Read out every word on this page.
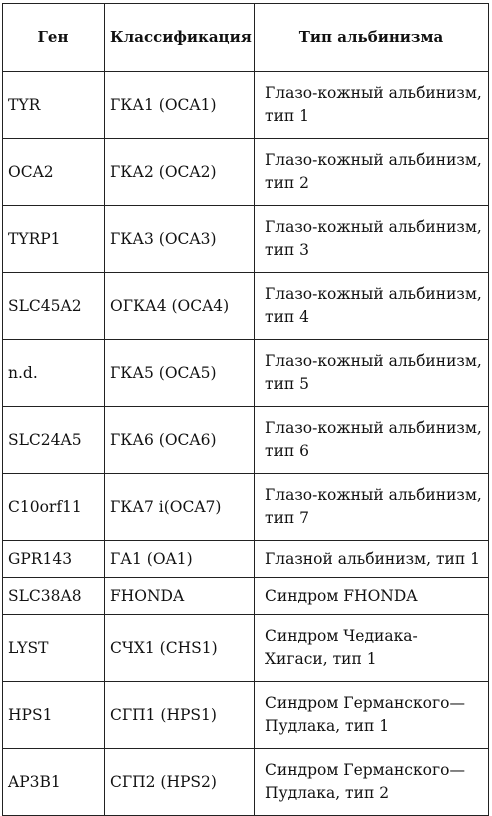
Ген	Классификация	Тип альбинизма
TYR	ГКА1 (OCA1)	Глазо-кожный альбинизм,
тип 1
OCA2	ГКА2 (OCA2)	Глазо-кожный альбинизм,
тип 2
TYRP1	ГКА3 (OCA3)	Глазо-кожный альбинизм,
тип 3
SLC45A2	ОГКА4 (OCA4)	Глазо-кожный альбинизм,
тип 4
n.d.	ГКА5 (OCA5)	Глазо-кожный альбинизм,
тип 5
SLC24A5	ГКА6 (OCA6)	Глазо-кожный альбинизм,
тип 6
C10orf11	ГКА7 i(OCA7)	Глазо-кожный альбинизм,
тип 7
GPR143	ГА1 (OA1)	Глазной альбинизм, тип 1
SLC38A8	FHONDA	Синдром FHONDA
LYST	СЧХ1 (CHS1)	Синдром Чедиака-
Хигаси, тип 1
HPS1	СГП1 (HPS1)	Синдром Германского—
Пудлака, тип 1
AP3B1	СГП2 (HPS2)	Синдром Германского—
Пудлака, тип 2
